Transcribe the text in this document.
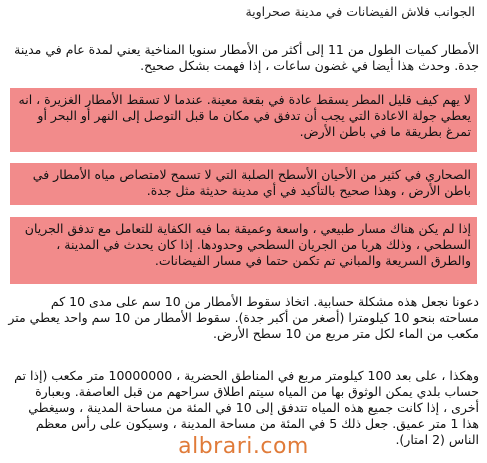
الجوانب فلاش الفيضانات في مدينة صحراوية
الأمطار كميات الطول من 11 إلى أكثر من الأمطار سنويا المناخية يعني لمدة عام في مدينة جدة. وحدث هذا أيضا في غضون ساعات ، إذا فهمت بشكل صحيح.
لا يهم كيف قليل المطر يسقط عادة في بقعة معينة. عندما لا تسقط الأمطار الغزيرة ، انه يعطي جولة الاعادة التي يجب أن تدفق في مكان ما قبل التوصل إلى النهر أو البحر أو تمرغ بطريقة ما في باطن الأرض.
الصحاري في كثير من الأحيان الأسطح الصلبة التي لا تسمح لامتصاص مياه الأمطار في باطن الأرض ، وهذا صحيح بالتأكيد في أي مدينة حديثة مثل جدة.
إذا لم يكن هناك مسار طبيعي ، واسعة وعميقة بما فيه الكفاية للتعامل مع تدفق الجريان السطحي ، وذلك هربا من الجريان السطحي وحدودها. إذا كان يحدث في المدينة ، والطرق السريعة والمباني تم تكمن حتما في مسار الفيضانات.
دعونا نجعل هذه مشكلة حسابية. اتخاذ سقوط الأمطار من 10 سم على مدى 10 كم مساحته بنحو 10 كيلومترا (أصغر من أكبر جدة). سقوط الأمطار من 10 سم واحد يعطي متر مكعب من الماء لكل متر مربع من 10 سطح الأرض.
وهكذا ، على بعد 100 كيلومتر مربع في المناطق الحضرية ، 10000000 متر مكعب (إذا تم حساب بلدي يمكن الوثوق بها من المياه سيتم اطلاق سراحهم من قبل العاصفة. وبعبارة أخرى ، إذا كانت جميع هذه المياه تتدفق إلى 10 في المئة من مساحة المدينة ، وسيغطي هذا 1 متر عميق. جعل ذلك 5 في المئة من مساحة المدينة ، وسيكون على رأس معظم الناس (2 امتار).
albrari.com
